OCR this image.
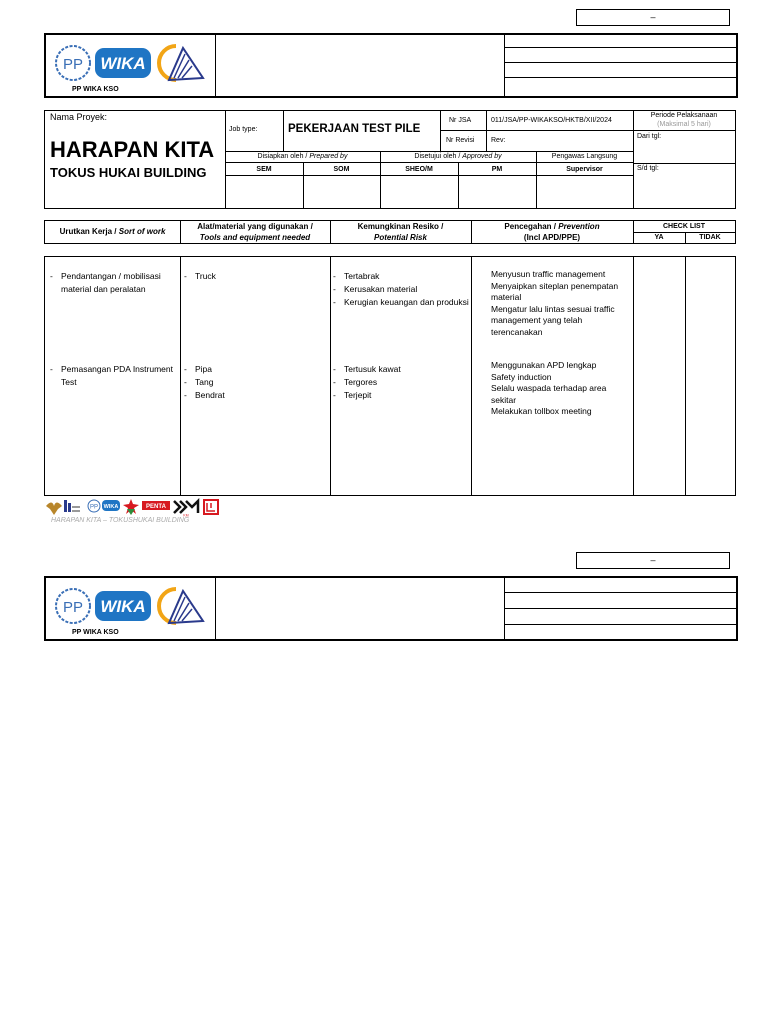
–
PP WIKA
PP WIKA KSO
Nama Proyek:
HARAPAN KITA
TOKUS HUKAI BUILDING
Job type:	PEKERJAAN TEST PILE
Nr JSA
Nr Revisi
011/JSA/PP-WIKAKSO/HKTB/XII/2024
Rev:
Periode Pelaksanaan
(Maksimal 5 hari)
Dari tgl:
S/d tgl:
Disiapkan oleh / Prepared by	Disetujui oleh / Approved by	Pengawas Langsung
SEM	SOM	SHEO/M	PM	Supervisor
Urutkan Kerja / Sort of work
Alat/material yang digunakan /
Tools and equipment needed
Kemungkinan Resiko /
Potential Risk
Pencegahan / Prevention
(Incl APD/PPE)
CHECK LIST
YA	TIDAK
- Pendantangan / mobilisasi material dan peralatan
- Truck
-	Tertabrak
- Kerusakan material
- Kerugian keuangan dan produksi
Menyusun traffic management
Menyaipkan siteplan penempatan material
Mengatur lalu lintas sesuai traffic management yang telah terencanakan
- Pemasangan PDA Instrument Test
- Pipa
- Tang
- Bendrat
- Tertusuk kawat
- Tergores
- Terjepit
Menggunakan APD lengkap
Safety induction
Selalu waspada terhadap area sekitar
Melakukan tollbox meeting
PP WIKA	PENTA
KM
HARAPAN KITA – TOKUSHUKAI BUILDING
–
PP WIKA
PP WIKA KSO
